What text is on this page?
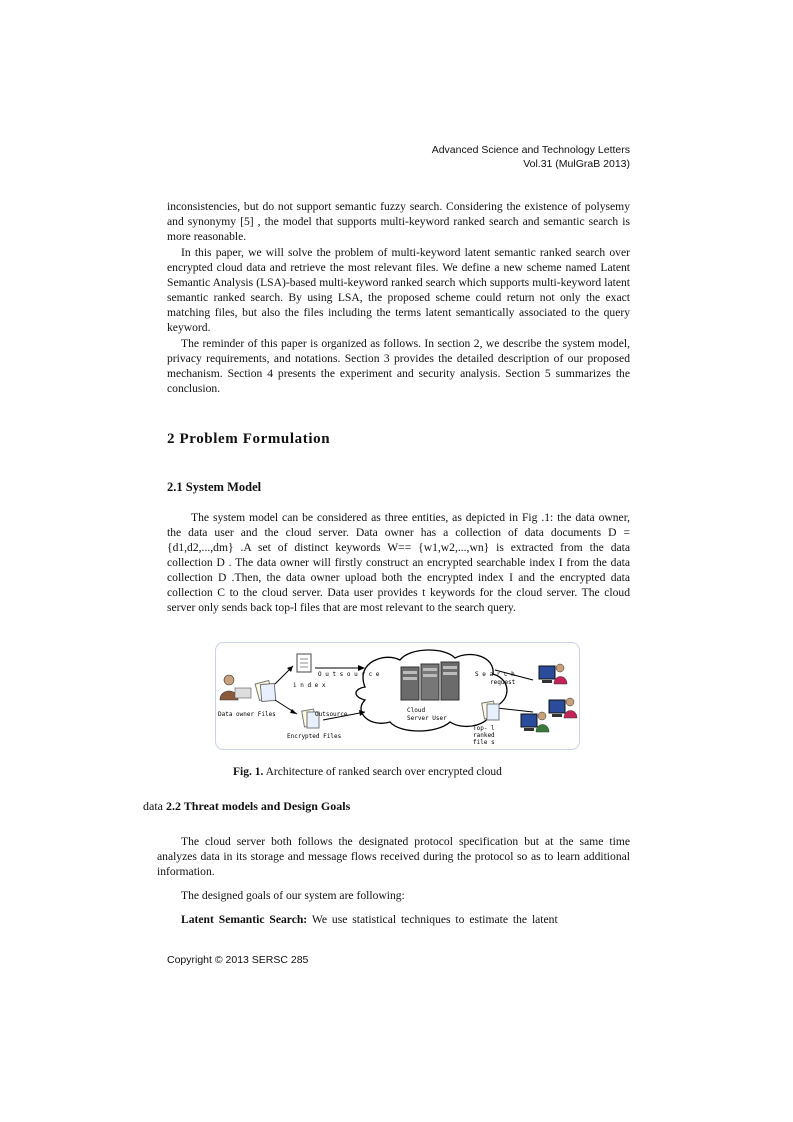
Advanced Science and Technology Letters
Vol.31 (MulGraB 2013)

inconsistencies, but do not support semantic fuzzy search. Considering the existence of polysemy and synonymy [5] , the model that supports multi-keyword ranked search and semantic search is more reasonable.

In this paper, we will solve the problem of multi-keyword latent semantic ranked search over encrypted cloud data and retrieve the most relevant files. We define a new scheme named Latent Semantic Analysis (LSA)-based multi-keyword ranked search which supports multi-keyword latent semantic ranked search. By using LSA, the proposed scheme could return not only the exact matching files, but also the files including the terms latent semantically associated to the query keyword.

The reminder of this paper is organized as follows. In section 2, we describe the system model, privacy requirements, and notations. Section 3 provides the detailed description of our proposed mechanism. Section 4 presents the experiment and security analysis. Section 5 summarizes the conclusion.

2 Problem Formulation
2.1 System Model

The system model can be considered as three entities, as depicted in Fig .1: the data owner, the data user and the cloud server. Data owner has a collection of data documents D = {d1,d2,...,dm} .A set of distinct keywords W== {w1,w2,...,wn} is extracted from the data collection D . The data owner will firstly construct an encrypted searchable index I from the data collection D .Then, the data owner upload both the encrypted index I and the encrypted data collection C to the cloud server. Data user provides t keywords for the cloud server. The cloud server only sends back top-l files that are most relevant to the search query.

Cloud
Server User
Data owner Files
i n d e x
O u t s o u r c e
Outsource
Encrypted Files
S e a r c h
request
Top- l
ranked
file s

Fig. 1. Architecture of ranked search over encrypted cloud

data 2.2 Threat models and Design Goals

The cloud server both follows the designated protocol specification but at the same time analyzes data in its storage and message flows received during the protocol so as to learn additional information.

The designed goals of our system are following:

Latent Semantic Search: We use statistical techniques to estimate the latent

Copyright © 2013 SERSC 285
